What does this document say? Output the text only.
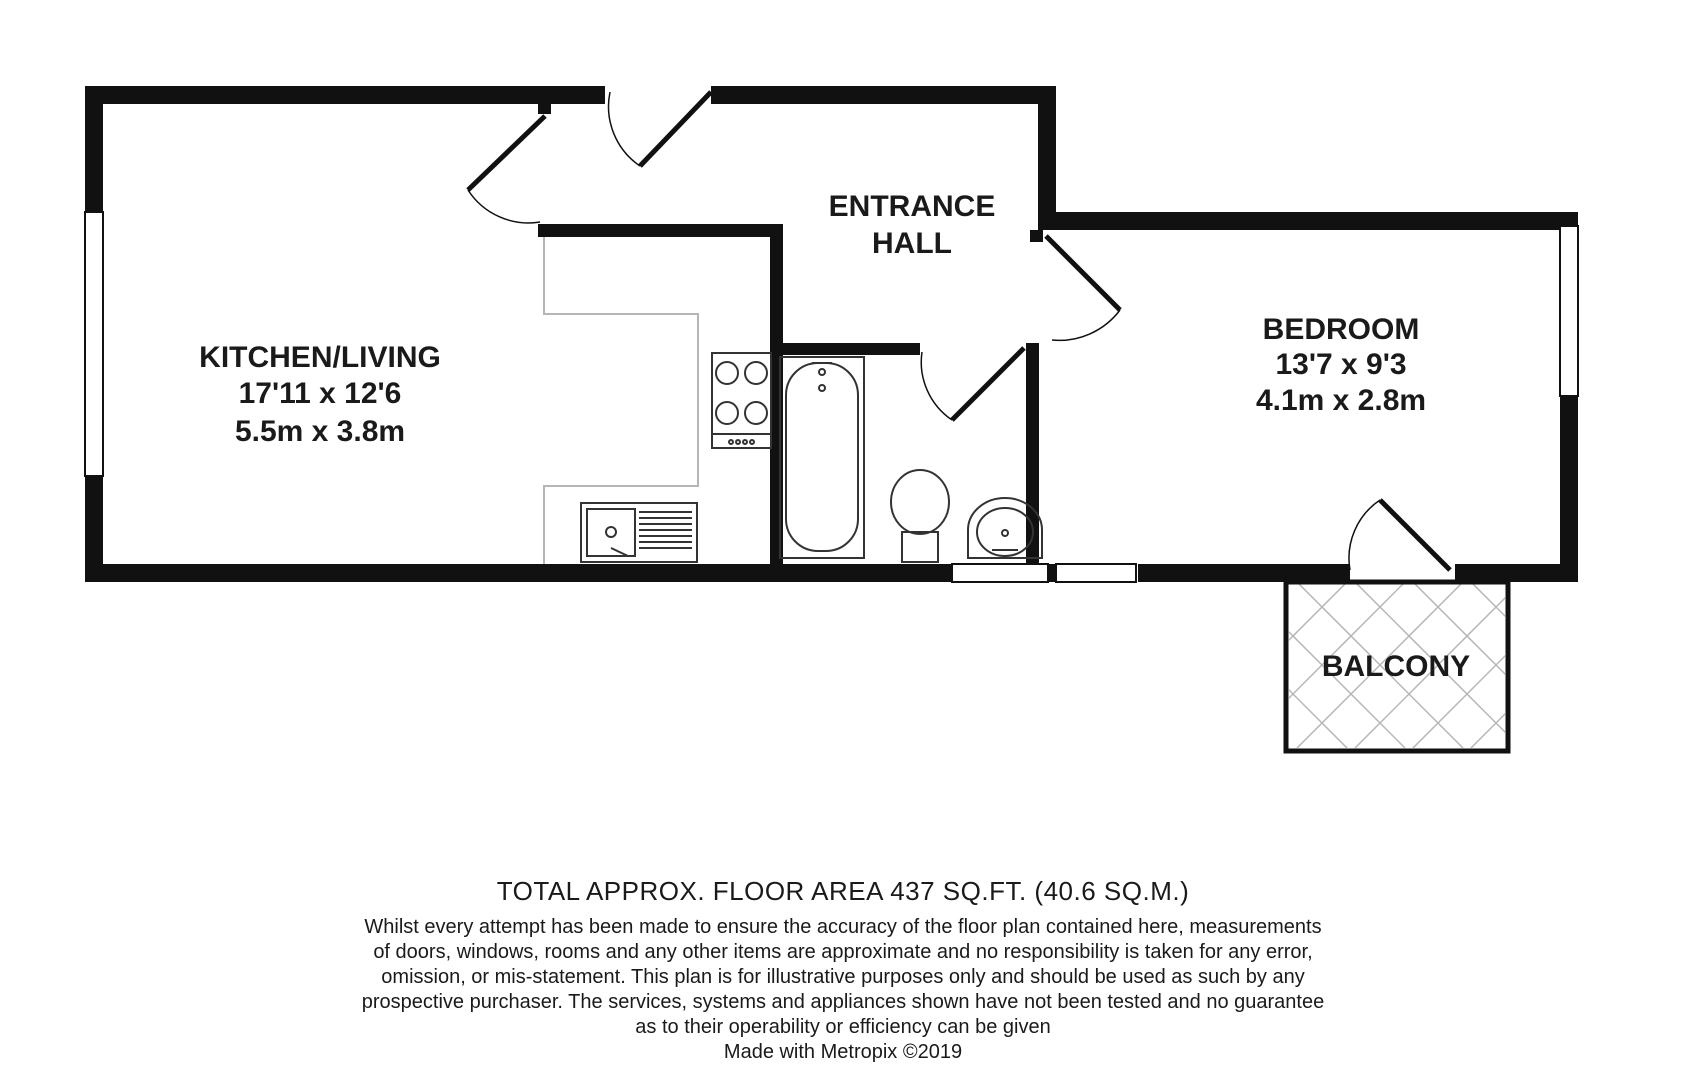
KITCHEN/LIVING
17'11 x 12'6
5.5m x 3.8m
ENTRANCE
HALL
BEDROOM
13'7 x 9'3
4.1m x 2.8m
BALCONY
TOTAL APPROX. FLOOR AREA 437 SQ.FT. (40.6 SQ.M.)
Whilst every attempt has been made to ensure the accuracy of the floor plan contained here, measurements
of doors, windows, rooms and any other items are approximate and no responsibility is taken for any error,
omission, or mis-statement. This plan is for illustrative purposes only and should be used as such by any
prospective purchaser. The services, systems and appliances shown have not been tested and no guarantee
as to their operability or efficiency can be given
Made with Metropix ©2019
